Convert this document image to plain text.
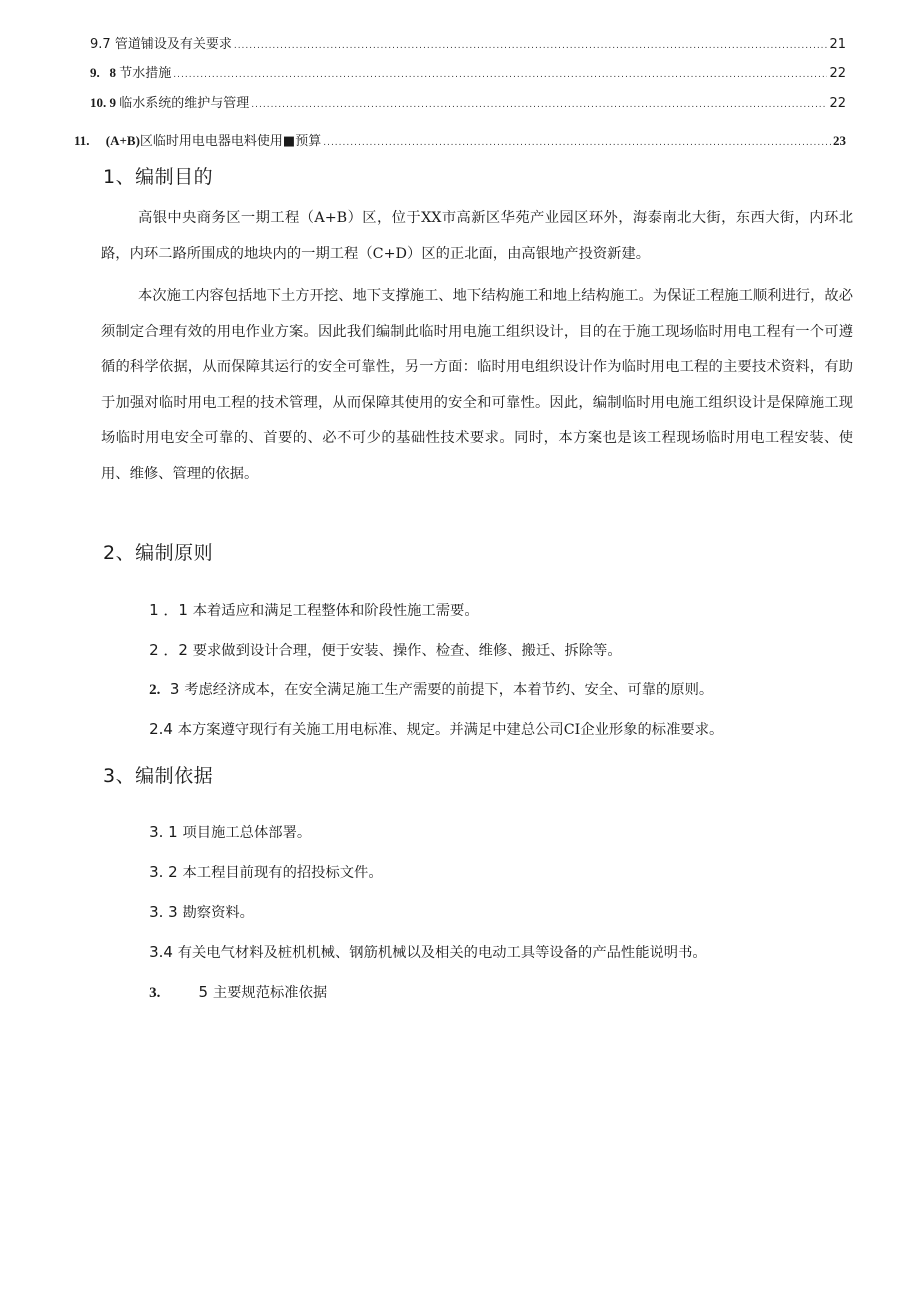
9.7 管道铺设及有关要求 .....	21
9.   8 节水措施 .....	22
10. 9 临水系统的维护与管理 .....	22
11.     (A+B) 区临时用电电器电料使用■预算 .....	23
1、编制目的

高银中央商务区一期工程（A+B）区，位于XX市高新区华苑产业园区环外，海泰南北大街，东西大街，内环北路，内环二路所围成的地块内的一期工程（C+D）区的正北面，由高银地产投资新建。

本次施工内容包括地下土方开挖、地下支撑施工、地下结构施工和地上结构施工。为保证工程施工顺利进行，故必须制定合理有效的用电作业方案。因此我们编制此临时用电施工组织设计，目的在于施工现场临时用电工程有一个可遵循的科学依据，从而保障其运行的安全可靠性，另一方面：临时用电组织设计作为临时用电工程的主要技术资料，有助于加强对临时用电工程的技术管理，从而保障其使用的安全和可靠性。因此，编制临时用电施工组织设计是保障施工现场临时用电安全可靠的、首要的、必不可少的基础性技术要求。同时，本方案也是该工程现场临时用电工程安装、使用、维修、管理的依据。

2、编制原则

1 ．1 本着适应和满足工程整体和阶段性施工需要。

2 ．2 要求做到设计合理，便于安装、操作、检查、维修、搬迁、拆除等。

2.  3 考虑经济成本，在安全满足施工生产需要的前提下，本着节约、安全、可靠的原则。

2.4 本方案遵守现行有关施工用电标准、规定。并满足中建总公司CI企业形象的标准要求。

3、编制依据

3. 1 项目施工总体部署。

3. 2 本工程目前现有的招投标文件。

3. 3 勘察资料。

3.4 有关电气材料及桩机机械、钢筋机械以及相关的电动工具等设备的产品性能说明书。

3.        5 主要规范标准依据
